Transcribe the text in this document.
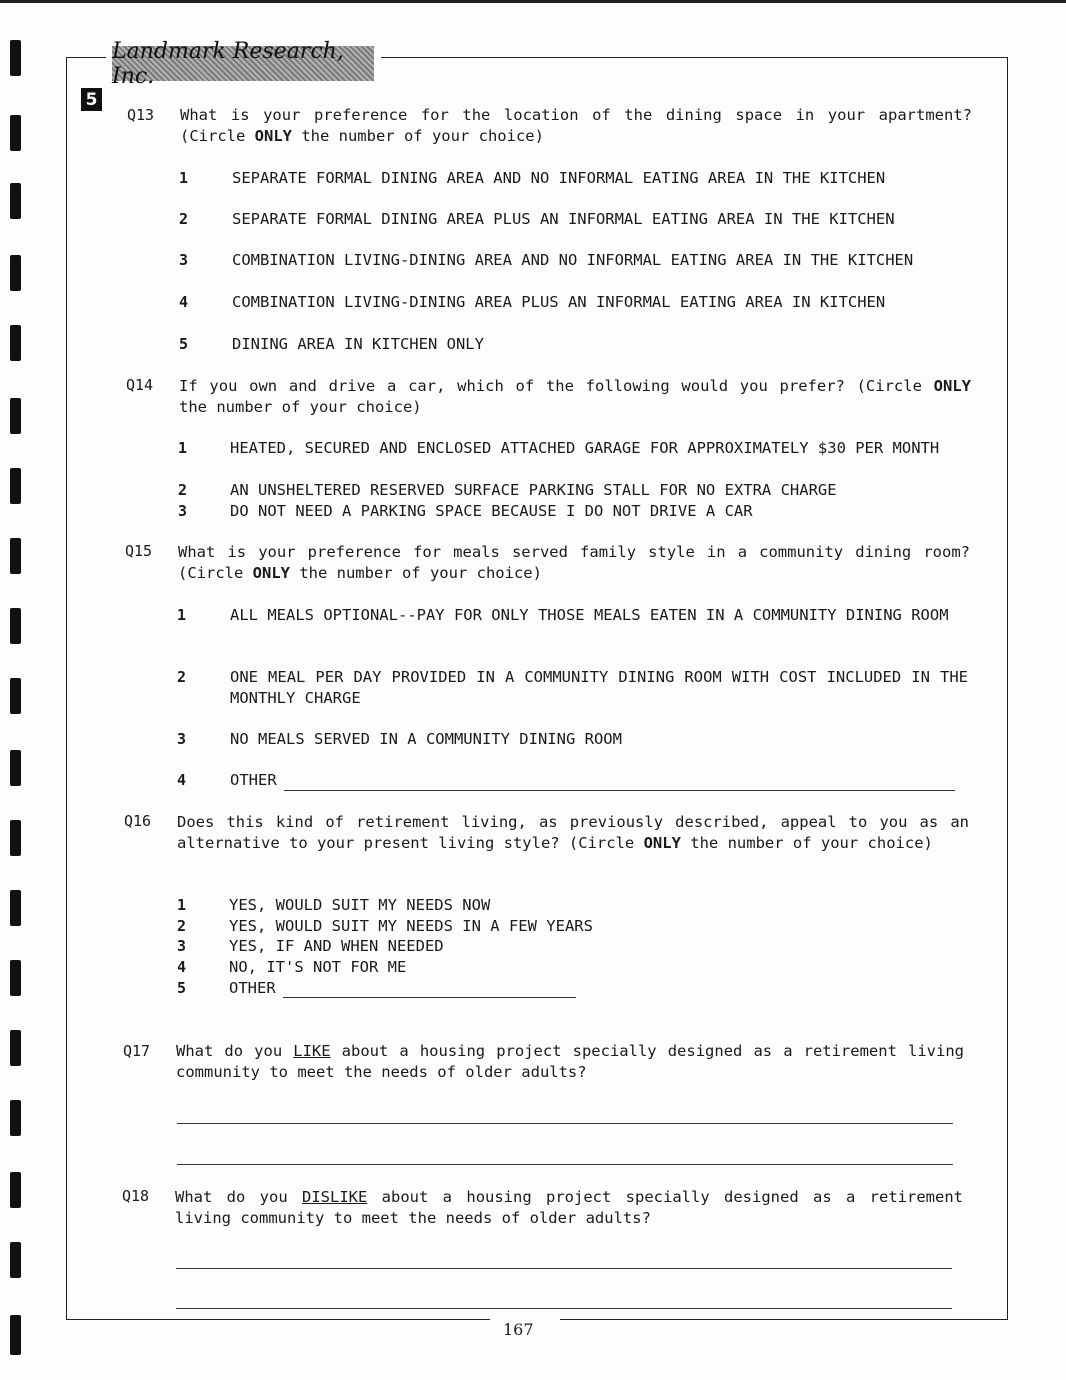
Landmark Research, Inc.
5
Q13 What is your preference for the location of the dining space in your apartment? (Circle ONLY the number of your choice)
1	SEPARATE FORMAL DINING AREA AND NO INFORMAL EATING AREA IN THE KITCHEN
2	SEPARATE FORMAL DINING AREA PLUS AN INFORMAL EATING AREA IN THE KITCHEN
3	COMBINATION LIVING-DINING AREA AND NO INFORMAL EATING AREA IN THE KITCHEN
4	COMBINATION LIVING-DINING AREA PLUS AN INFORMAL EATING AREA IN KITCHEN
5	DINING AREA IN KITCHEN ONLY
Q14 If you own and drive a car, which of the following would you prefer? (Circle ONLY the number of your choice)
1	HEATED, SECURED AND ENCLOSED ATTACHED GARAGE FOR APPROXIMATELY $30 PER MONTH
2	AN UNSHELTERED RESERVED SURFACE PARKING STALL FOR NO EXTRA CHARGE
3	DO NOT NEED A PARKING SPACE BECAUSE I DO NOT DRIVE A CAR
Q15 What is your preference for meals served family style in a community dining room? (Circle ONLY the number of your choice)
1	ALL MEALS OPTIONAL--PAY FOR ONLY THOSE MEALS EATEN IN A COMMUNITY DINING ROOM
2	ONE MEAL PER DAY PROVIDED IN A COMMUNITY DINING ROOM WITH COST INCLUDED IN THE MONTHLY CHARGE
3	NO MEALS SERVED IN A COMMUNITY DINING ROOM
4	OTHER
Q16 Does this kind of retirement living, as previously described, appeal to you as an alternative to your present living style? (Circle ONLY the number of your choice)
1	YES, WOULD SUIT MY NEEDS NOW
2	YES, WOULD SUIT MY NEEDS IN A FEW YEARS
3	YES, IF AND WHEN NEEDED
4	NO, IT'S NOT FOR ME
5	OTHER
Q17 What do you LIKE about a housing project specially designed as a retirement living community to meet the needs of older adults?
Q18 What do you DISLIKE about a housing project specially designed as a retirement living community to meet the needs of older adults?
167
